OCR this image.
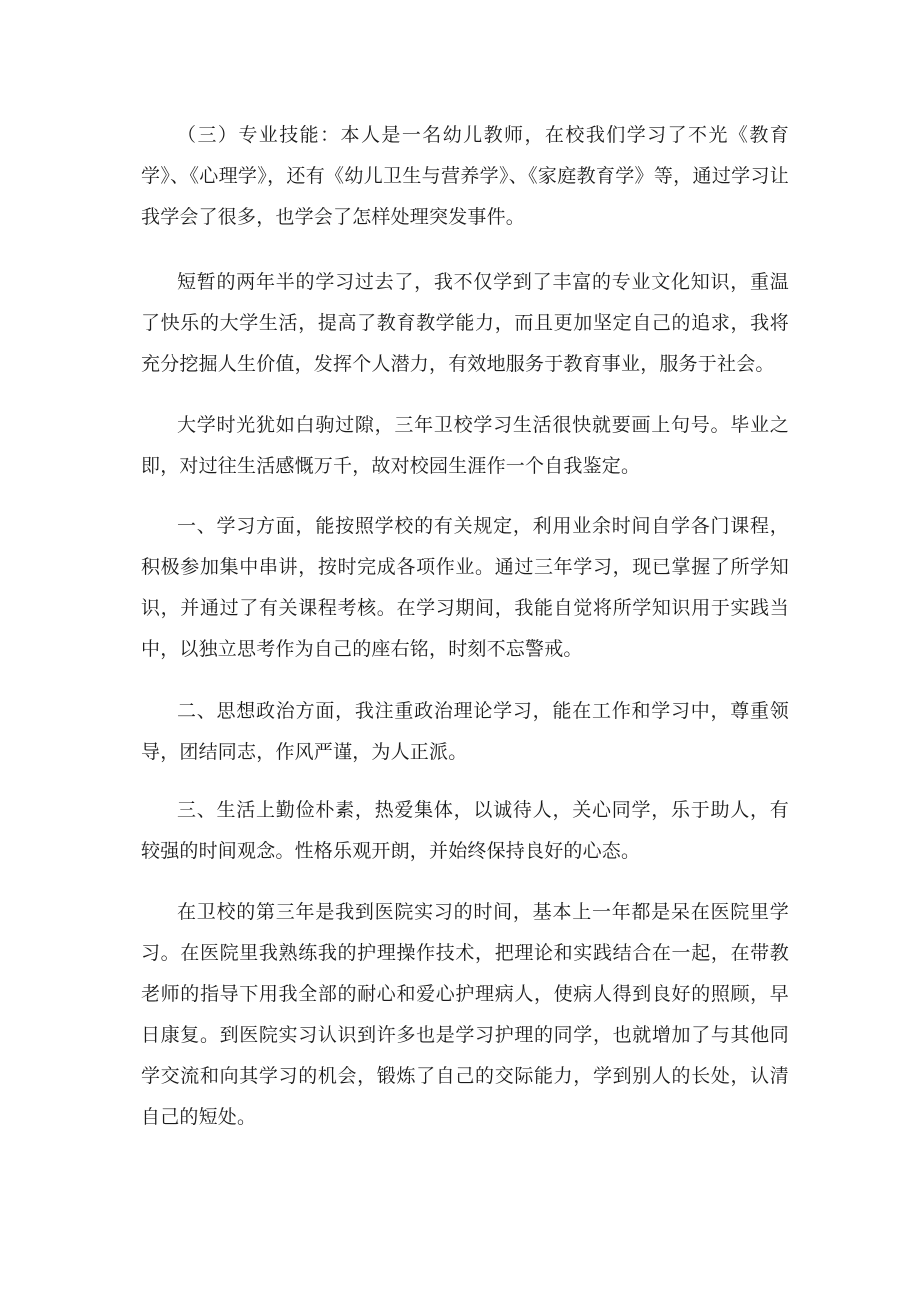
（三）专业技能：本人是一名幼儿教师，在校我们学习了不光《教育学》、《心理学》，还有《幼儿卫生与营养学》、《家庭教育学》等，通过学习让我学会了很多，也学会了怎样处理突发事件。

短暂的两年半的学习过去了，我不仅学到了丰富的专业文化知识，重温了快乐的大学生活，提高了教育教学能力，而且更加坚定自己的追求，我将充分挖掘人生价值，发挥个人潜力，有效地服务于教育事业，服务于社会。

大学时光犹如白驹过隙，三年卫校学习生活很快就要画上句号。毕业之即，对过往生活感慨万千，故对校园生涯作一个自我鉴定。

一、学习方面，能按照学校的有关规定，利用业余时间自学各门课程，积极参加集中串讲，按时完成各项作业。通过三年学习，现已掌握了所学知识，并通过了有关课程考核。在学习期间，我能自觉将所学知识用于实践当中，以独立思考作为自己的座右铭，时刻不忘警戒。

二、思想政治方面，我注重政治理论学习，能在工作和学习中，尊重领导，团结同志，作风严谨，为人正派。

三、生活上勤俭朴素，热爱集体，以诚待人，关心同学，乐于助人，有较强的时间观念。性格乐观开朗，并始终保持良好的心态。

在卫校的第三年是我到医院实习的时间，基本上一年都是呆在医院里学习。在医院里我熟练我的护理操作技术，把理论和实践结合在一起，在带教老师的指导下用我全部的耐心和爱心护理病人，使病人得到良好的照顾，早日康复。到医院实习认识到许多也是学习护理的同学，也就增加了与其他同学交流和向其学习的机会，锻炼了自己的交际能力，学到别人的长处，认清自己的短处。
